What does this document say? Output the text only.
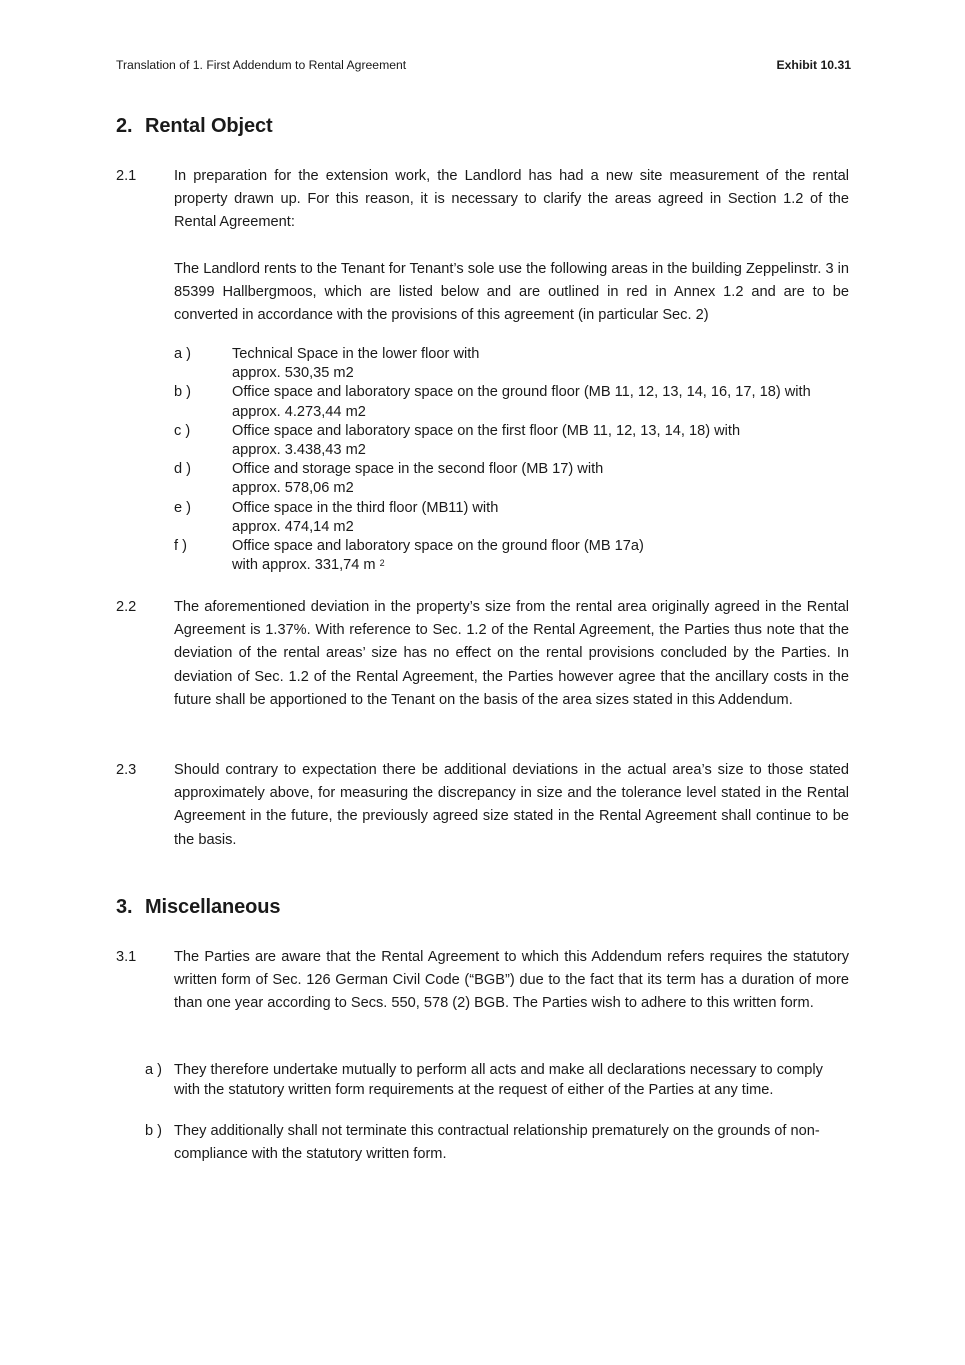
Translation of 1. First Addendum to Rental Agreement	Exhibit 10.31
2. Rental Object
2.1	In preparation for the extension work, the Landlord has had a new site measurement of the rental property drawn up. For this reason, it is necessary to clarify the areas agreed in Section 1.2 of the Rental Agreement:

The Landlord rents to the Tenant for Tenant’s sole use the following areas in the building Zeppelinstr. 3 in 85399 Hallbergmoos, which are listed below and are outlined in red in Annex 1.2 and are to be converted in accordance with the provisions of this agreement (in particular Sec. 2)

a )	Technical Space in the lower floor with
approx. 530,35 m2
b )	Office space and laboratory space on the ground floor (MB 11, 12, 13, 14, 16, 17, 18) with
approx. 4.273,44 m2
c )	Office space and laboratory space on the first floor (MB 11, 12, 13, 14, 18) with
approx. 3.438,43 m2
d )	Office and storage space in the second floor (MB 17) with
approx. 578,06 m2
e )	Office space in the third floor (MB11) with
approx. 474,14 m2
f )	Office space and laboratory space on the ground floor (MB 17a)
with approx. 331,74 m $^2$
2.2	The aforementioned deviation in the property’s size from the rental area originally agreed in the Rental Agreement is 1.37%. With reference to Sec. 1.2 of the Rental Agreement, the Parties thus note that the deviation of the rental areas’ size has no effect on the rental provisions concluded by the Parties. In deviation of Sec. 1.2 of the Rental Agreement, the Parties however agree that the ancillary costs in the future shall be apportioned to the Tenant on the basis of the area sizes stated in this Addendum.

2.3	Should contrary to expectation there be additional deviations in the actual area’s size to those stated approximately above, for measuring the discrepancy in size and the tolerance level stated in the Rental Agreement in the future, the previously agreed size stated in the Rental Agreement shall continue to be the basis.

3. Miscellaneous
3.1	The Parties are aware that the Rental Agreement to which this Addendum refers requires the statutory written form of Sec. 126 German Civil Code (“BGB”) due to the fact that its term has a duration of more than one year according to Secs. 550, 578 (2) BGB. The Parties wish to adhere to this written form.

a ) They therefore undertake mutually to perform all acts and make all declarations necessary to comply with the statutory written form requirements at the request of either of the Parties at any time.
b ) They additionally shall not terminate this contractual relationship prematurely on the grounds of non-compliance with the statutory written form.
